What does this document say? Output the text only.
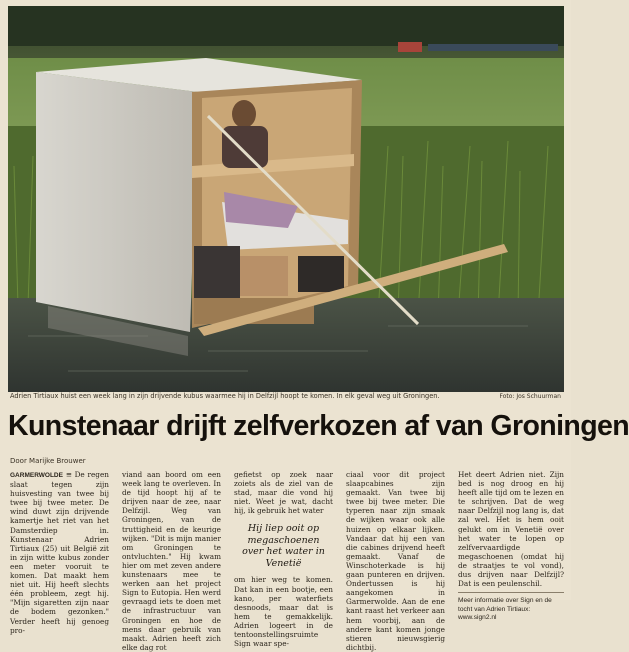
Adrien Tirtiaux huist een week lang in zijn drijvende kubus waarmee hij in Delfzijl hoopt te komen. In elk geval weg uit Groningen.	Foto: Jos Schuurman
Kunstenaar drijft zelfverkozen af van Groningen
Door Marijke Brouwer

GARMERWOLDE ≡ De regen slaat tegen zijn huisvesting van twee bij twee bij twee meter. De wind duwt zijn drijvende kamertje het riet van het Damsterdiep in. Kunstenaar Adrien Tirtiaux (25) uit België zit in zijn witte kubus zonder een meter vooruit te komen. Dat maakt hem niet uit. Hij heeft slechts één probleem, zegt hij. "Mijn sigaretten zijn naar de bodem gezonken." Verder heeft hij genoeg pro-

viand aan boord om een week lang te overleven. In de tijd hoopt hij af te drijven naar de zee, naar Delfzijl. Weg van Groningen, van de truttigheid en de keurige wijken. "Dit is mijn manier om Groningen te ontvluchten." Hij kwam hier om met zeven andere kunstenaars mee te werken aan het project Sign to Eutopia. Hen werd gevraagd iets te doen met de infrastructuur van Groningen en hoe de mens daar gebruik van maakt. Adrien heeft zich elke dag rot

gefietst op zoek naar zoiets als de ziel van de stad, maar die vond hij niet. Weet je wat, dacht hij, ik gebruik het water

Hij liep ooit op megaschoenen over het water in Venetië

om hier weg te komen. Dat kan in een bootje, een kano, per waterfiets desnoods, maar dat is hem te gemakkelijk. Adrien logeert in de tentoonstellingsruimte Sign waar spe-

ciaal voor dit project slaapcabines zijn gemaakt. Van twee bij twee bij twee meter. Die typeren naar zijn smaak de wijken waar ook alle huizen op elkaar lijken. Vandaar dat hij een van die cabines drijvend heeft gemaakt. Vanaf de Winschoterkade is hij gaan punteren en drijven. Ondertussen is hij aangekomen in Garmerwolde. Aan de ene kant raast het verkeer aan hem voorbij, aan de andere kant komen jonge stieren nieuwsgierig dichtbij.

Het deert Adrien niet. Zijn bed is nog droog en hij heeft alle tijd om te lezen en te schrijven. Dat de weg naar Delfzijl nog lang is, dat zal wel. Het is hem ooit gelukt om in Venetië over het water te lopen op zelfvervaardigde megaschoenen (omdat hij de straatjes te vol vond), dus drijven naar Delfzijl? Dat is een peulenschil.

Meer informatie over Sign en de tocht van Adrien Tirtiaux: www.sign2.nl
